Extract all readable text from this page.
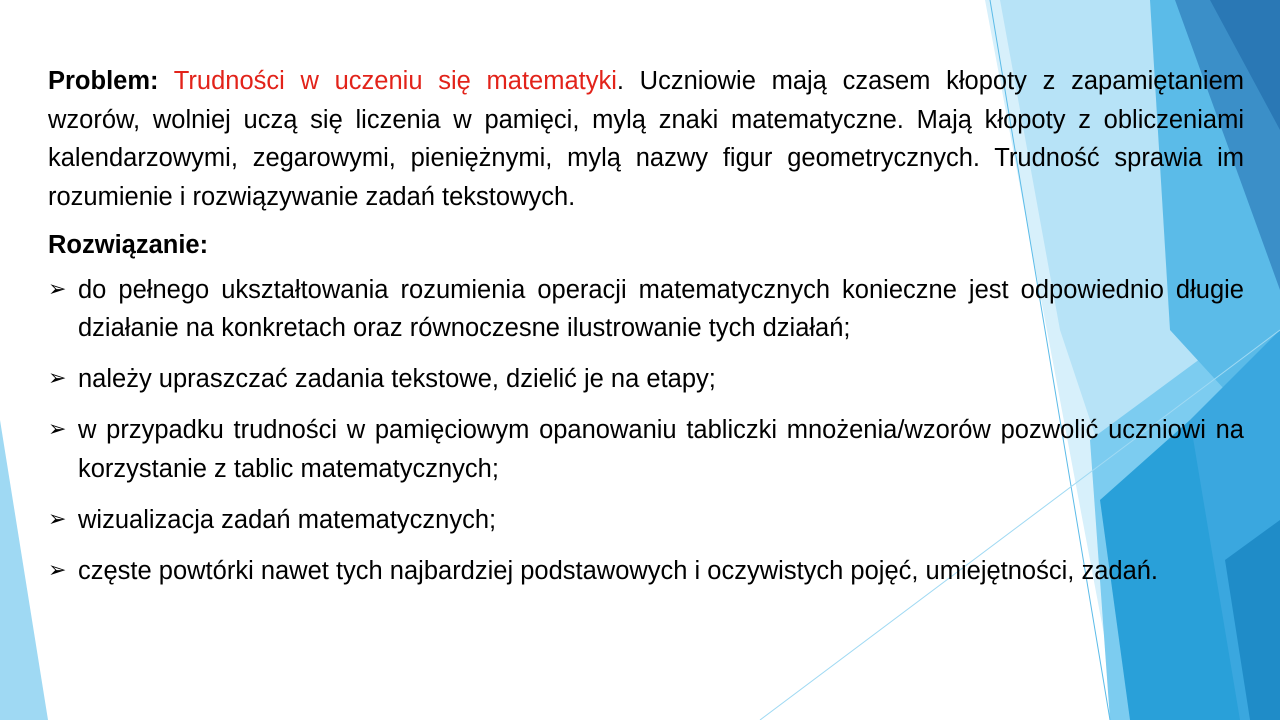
Problem: Trudności w uczeniu się matematyki. Uczniowie mają czasem kłopoty z zapamiętaniem wzorów, wolniej uczą się liczenia w pamięci, mylą znaki matematyczne. Mają kłopoty z obliczeniami kalendarzowymi, zegarowymi, pieniężnymi, mylą nazwy figur geometrycznych. Trudność sprawia im rozumienie i rozwiązywanie zadań tekstowych.

Rozwiązanie:

➢ do pełnego ukształtowania rozumienia operacji matematycznych konieczne jest odpowiednio długie działanie na konkretach oraz równoczesne ilustrowanie tych działań;
➢ należy upraszczać zadania tekstowe, dzielić je na etapy;
➢ w przypadku trudności w pamięciowym opanowaniu tabliczki mnożenia/wzorów pozwolić uczniowi na korzystanie z tablic matematycznych;
➢ wizualizacja zadań matematycznych;
➢ częste powtórki nawet tych najbardziej podstawowych i oczywistych pojęć, umiejętności, zadań.
